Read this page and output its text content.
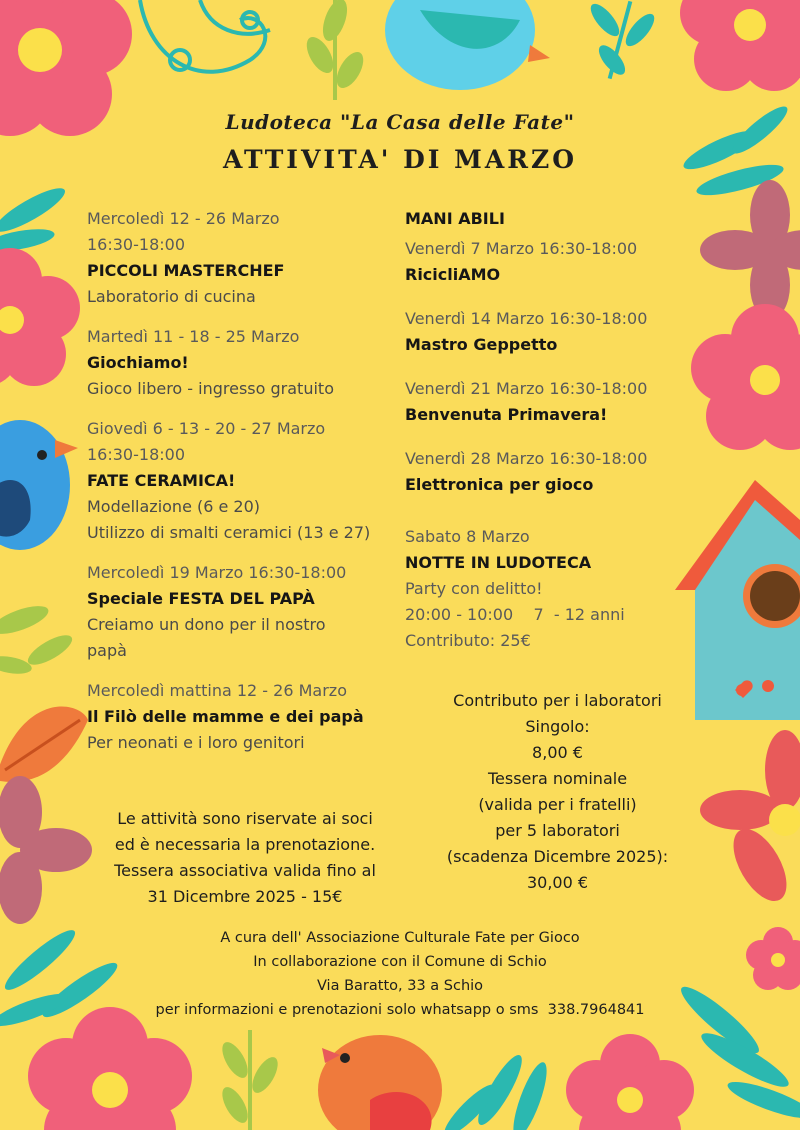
Ludoteca "La Casa delle Fate"
ATTIVITA' DI MARZO
Mercoledì 12 - 26 Marzo
16:30-18:00
PICCOLI MASTERCHEF
Laboratorio di cucina
Martedì 11 - 18 - 25 Marzo
Giochiamo!
Gioco libero - ingresso gratuito
Giovedì 6 - 13 - 20 - 27 Marzo
16:30-18:00
FATE CERAMICA!
Modellazione (6 e 20)
Utilizzo di smalti ceramici (13 e 27)
Mercoledì 19 Marzo 16:30-18:00
Speciale FESTA DEL PAPÀ
Creiamo un dono per il nostro
papà
Mercoledì mattina 12 - 26 Marzo
Il Filò delle mamme e dei papà
Per neonati e i loro genitori
MANI ABILI
Venerdì 7 Marzo 16:30-18:00
RicicliAMO
Venerdì 14 Marzo 16:30-18:00
Mastro Geppetto
Venerdì 21 Marzo 16:30-18:00
Benvenuta Primavera!
Venerdì 28 Marzo 16:30-18:00
Elettronica per gioco
Sabato 8 Marzo
NOTTE IN LUDOTECA
Party con delitto!
20:00 - 10:00    7  - 12 anni
Contributo: 25€
Contributo per i laboratori
Singolo:
8,00 €
Tessera nominale
(valida per i fratelli)
per 5 laboratori
(scadenza Dicembre 2025):
30,00 €
Le attività sono riservate ai soci
ed è necessaria la prenotazione.
Tessera associativa valida fino al
31 Dicembre 2025 - 15€
A cura dell' Associazione Culturale Fate per Gioco
In collaborazione con il Comune di Schio
Via Baratto, 33 a Schio
per informazioni e prenotazioni solo whatsapp o sms  338.7964841
